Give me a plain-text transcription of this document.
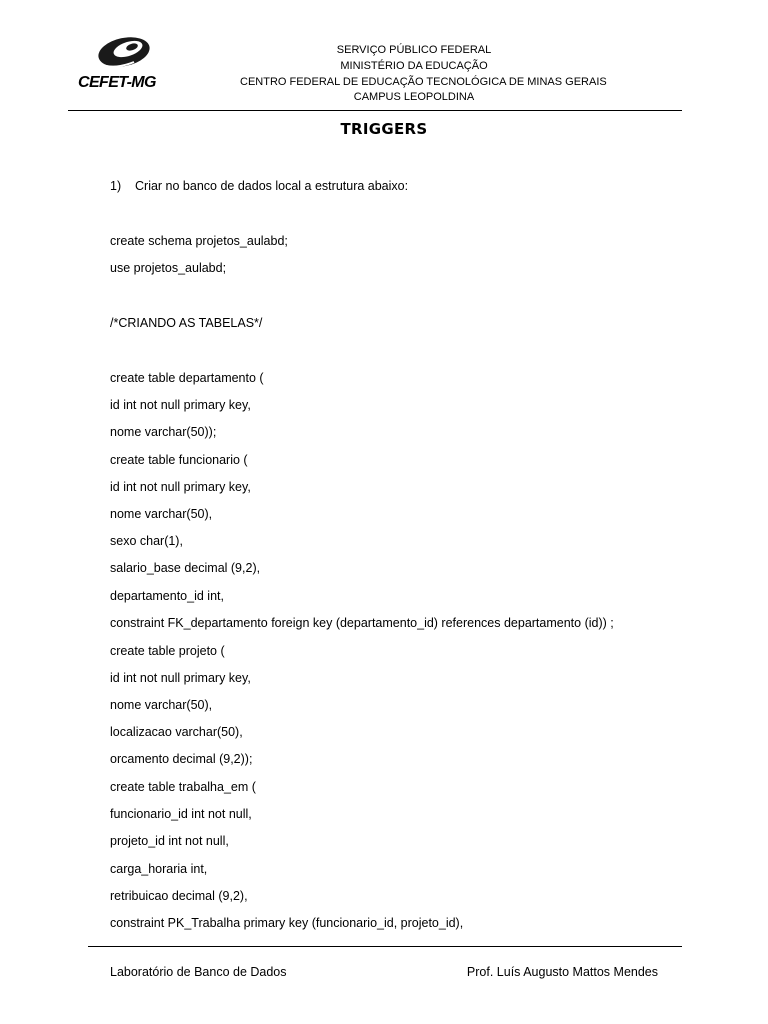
CEFET-MG
SERVIÇO PÚBLICO FEDERAL
MINISTÉRIO DA EDUCAÇÃO
CENTRO FEDERAL DE EDUCAÇÃO TECNOLÓGICA DE MINAS GERAIS
CAMPUS LEOPOLDINA
TRIGGERS
1)    Criar no banco de dados local a estrutura abaixo:
create schema projetos_aulabd;
use projetos_aulabd;
/*CRIANDO AS TABELAS*/
create table departamento (
id int not null primary key,
nome varchar(50));
create table funcionario (
id int not null primary key,
nome varchar(50),
sexo char(1),
salario_base decimal (9,2),
departamento_id int,
constraint FK_departamento foreign key (departamento_id) references departamento (id)) ;
create table projeto (
id int not null primary key,
nome varchar(50),
localizacao varchar(50),
orcamento decimal (9,2));
create table trabalha_em (
funcionario_id int not null,
projeto_id int not null,
carga_horaria int,
retribuicao decimal (9,2),
constraint PK_Trabalha primary key (funcionario_id, projeto_id),
Laboratório de Banco de Dados	Prof. Luís Augusto Mattos Mendes
